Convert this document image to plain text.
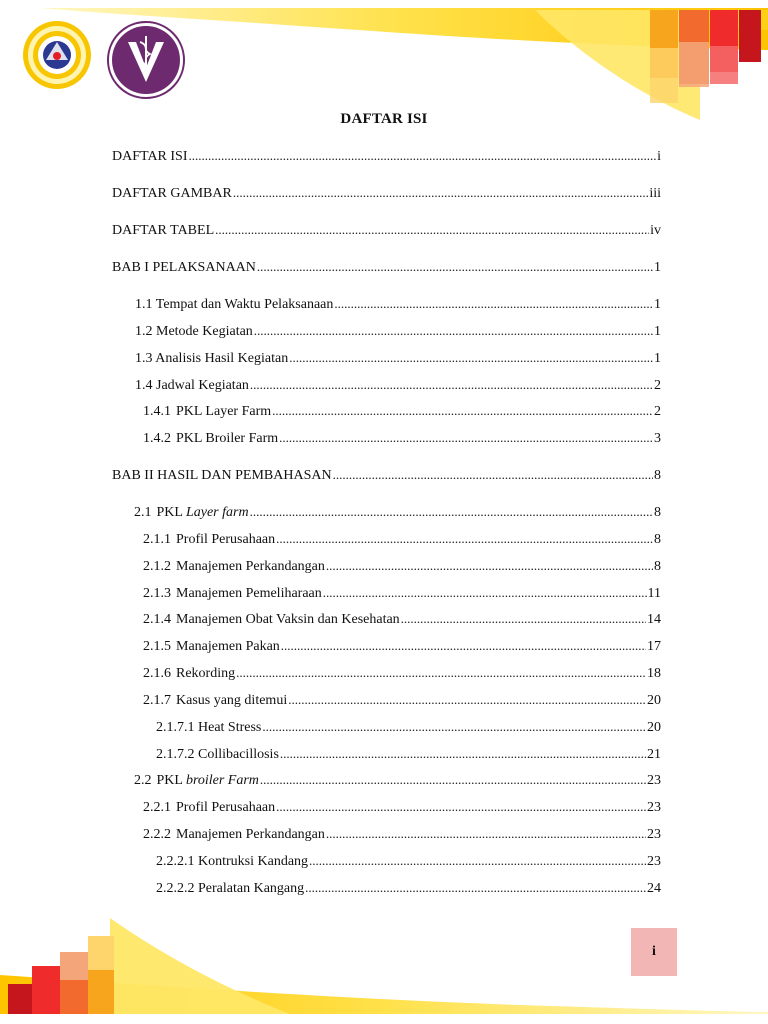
DAFTAR ISI
DAFTAR ISI .....	i
DAFTAR GAMBAR .....	iii
DAFTAR TABEL .....	iv
BAB I PELAKSANAAN .....	1
1.1 Tempat dan Waktu Pelaksanaan .....	1
1.2 Metode Kegiatan .....	1
1.3 Analisis Hasil Kegiatan .....	1
1.4 Jadwal Kegiatan .....	2
1.4.1 PKL Layer Farm .....	2
1.4.2 PKL Broiler Farm .....	3
BAB II HASIL DAN PEMBAHASAN .....	8
2.1 PKL Layer farm .....	8
2.1.1 Profil Perusahaan .....	8
2.1.2 Manajemen Perkandangan .....	8
2.1.3 Manajemen Pemeliharaan .....	11
2.1.4 Manajemen Obat Vaksin dan Kesehatan .....	14
2.1.5 Manajemen Pakan .....	17
2.1.6 Rekording .....	18
2.1.7 Kasus yang ditemui .....	20
2.1.7.1 Heat Stress .....	20
2.1.7.2 Collibacillosis .....	21
2.2 PKL broiler Farm .....	23
2.2.1 Profil Perusahaan .....	23
2.2.2 Manajemen Perkandangan .....	23
2.2.2.1 Kontruksi Kandang .....	23
2.2.2.2 Peralatan Kangang .....	24
i
